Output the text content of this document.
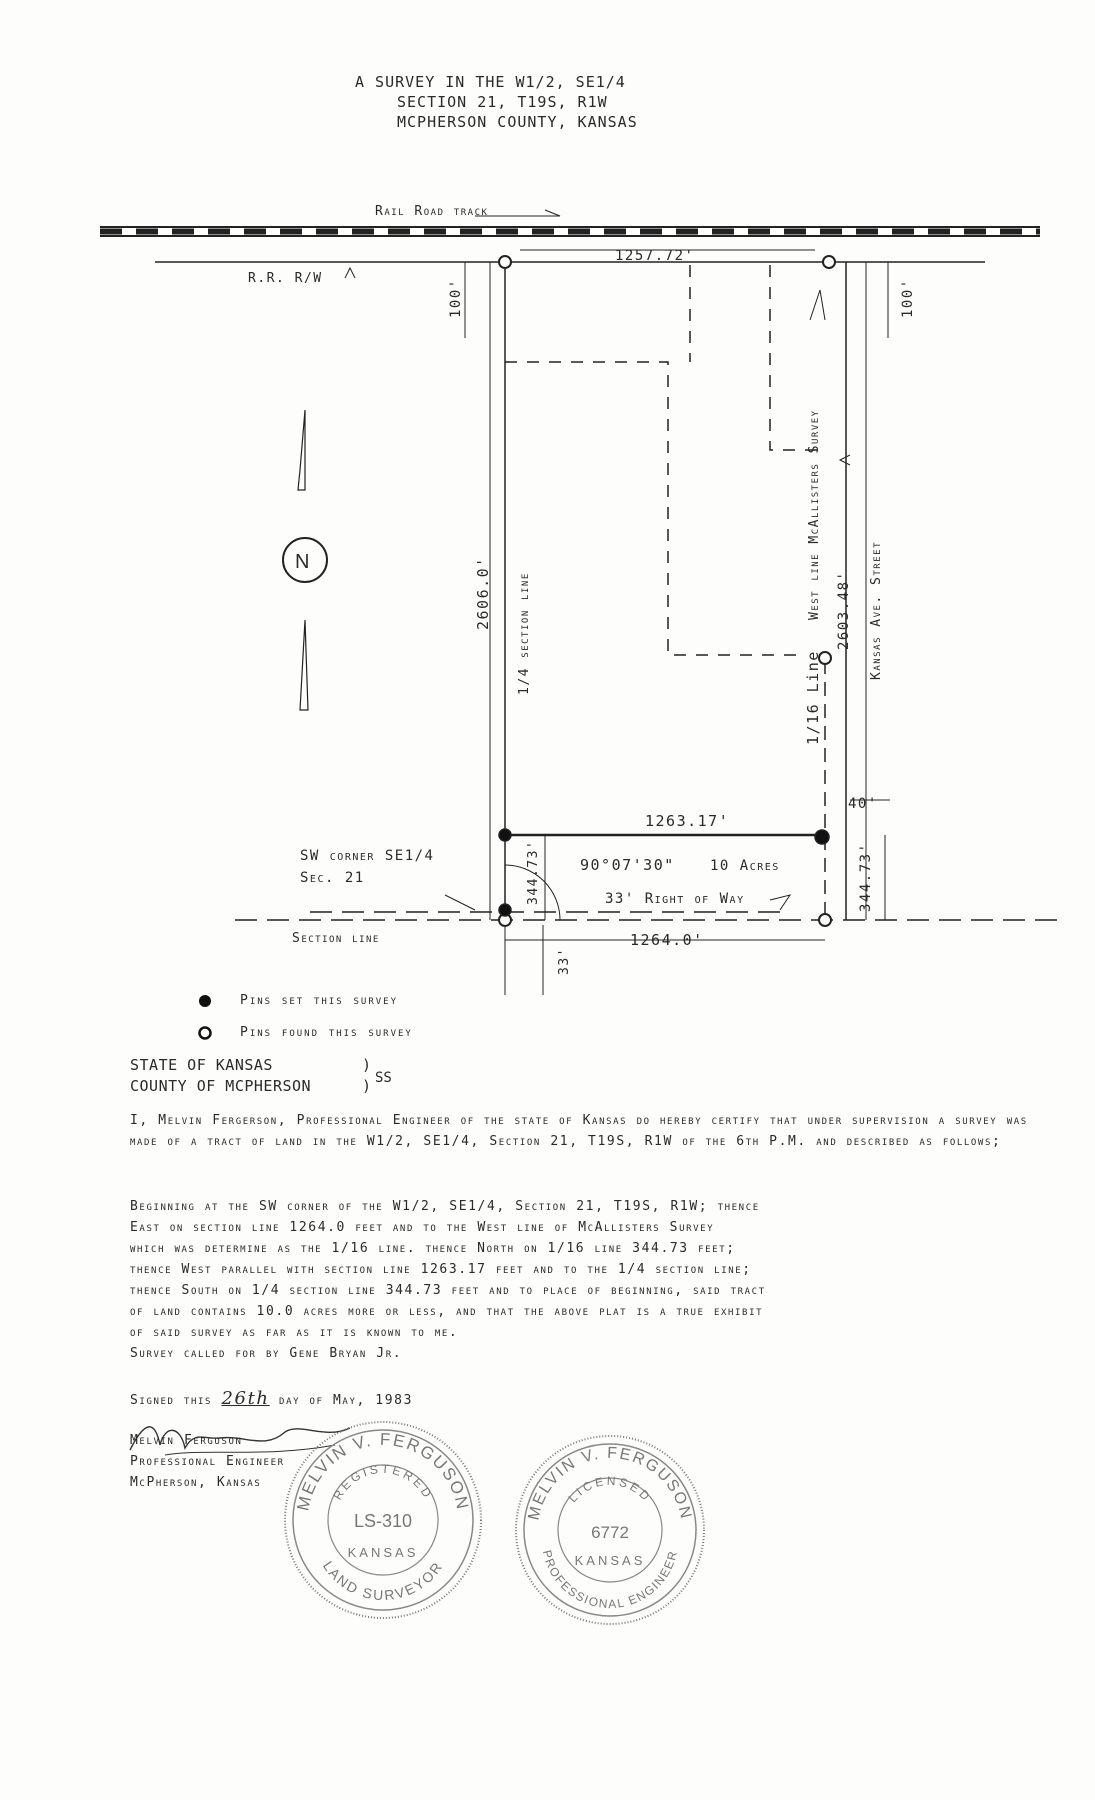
A SURVEY IN THE W1/2, SE1/4
SECTION 21, T19S, R1W
MCPHERSON COUNTY, KANSAS
Rail Road track
R.R. R/W
1257.72'
100'	100'
2606.0' 1/4 section line
West line McAllisters Survey 2603.48'
1/16 Line
Kansas Ave. Street
N
1263.17'
344.73'
344.73'
40'
90°07'30"	10 Acres
33' Right of Way
SW corner SE1/4
Sec. 21
Section line	1264.0'
33'
Pins set this survey
Pins found this survey
STATE OF KANSAS	)
COUNTY OF MCPHERSON	) SS
I, Melvin Fergerson, Professional Engineer of the state of Kansas do hereby certify that under supervision a survey was made of a tract of land in the W1/2, SE1/4, Section 21, T19S, R1W of the 6th P.M. and described as follows;
Beginning at the SW corner of the W1/2, SE1/4, Section 21, T19S, R1W; thence
East on section line 1264.0 feet and to the West line of McAllisters Survey
which was determine as the 1/16 line. thence North on 1/16 line 344.73 feet;
thence West parallel with section line 1263.17 feet and to the 1/4 section line;
thence South on 1/4 section line 344.73 feet and to place of beginning, said tract
of land contains 10.0 acres more or less, and that the above plat is a true exhibit
of said survey as far as it is known to me.
Survey called for by Gene Bryan Jr.
Signed this 26th day of May, 1983
Melvin Ferguson
Professional Engineer
McPherson, Kansas
MELVIN V. FERGUSON
LAND SURVEYOR
REGISTERED
LS-310
KANSAS
MELVIN V. FERGUSON
PROFESSIONAL ENGINEER
LICENSED
6772
KANSAS
